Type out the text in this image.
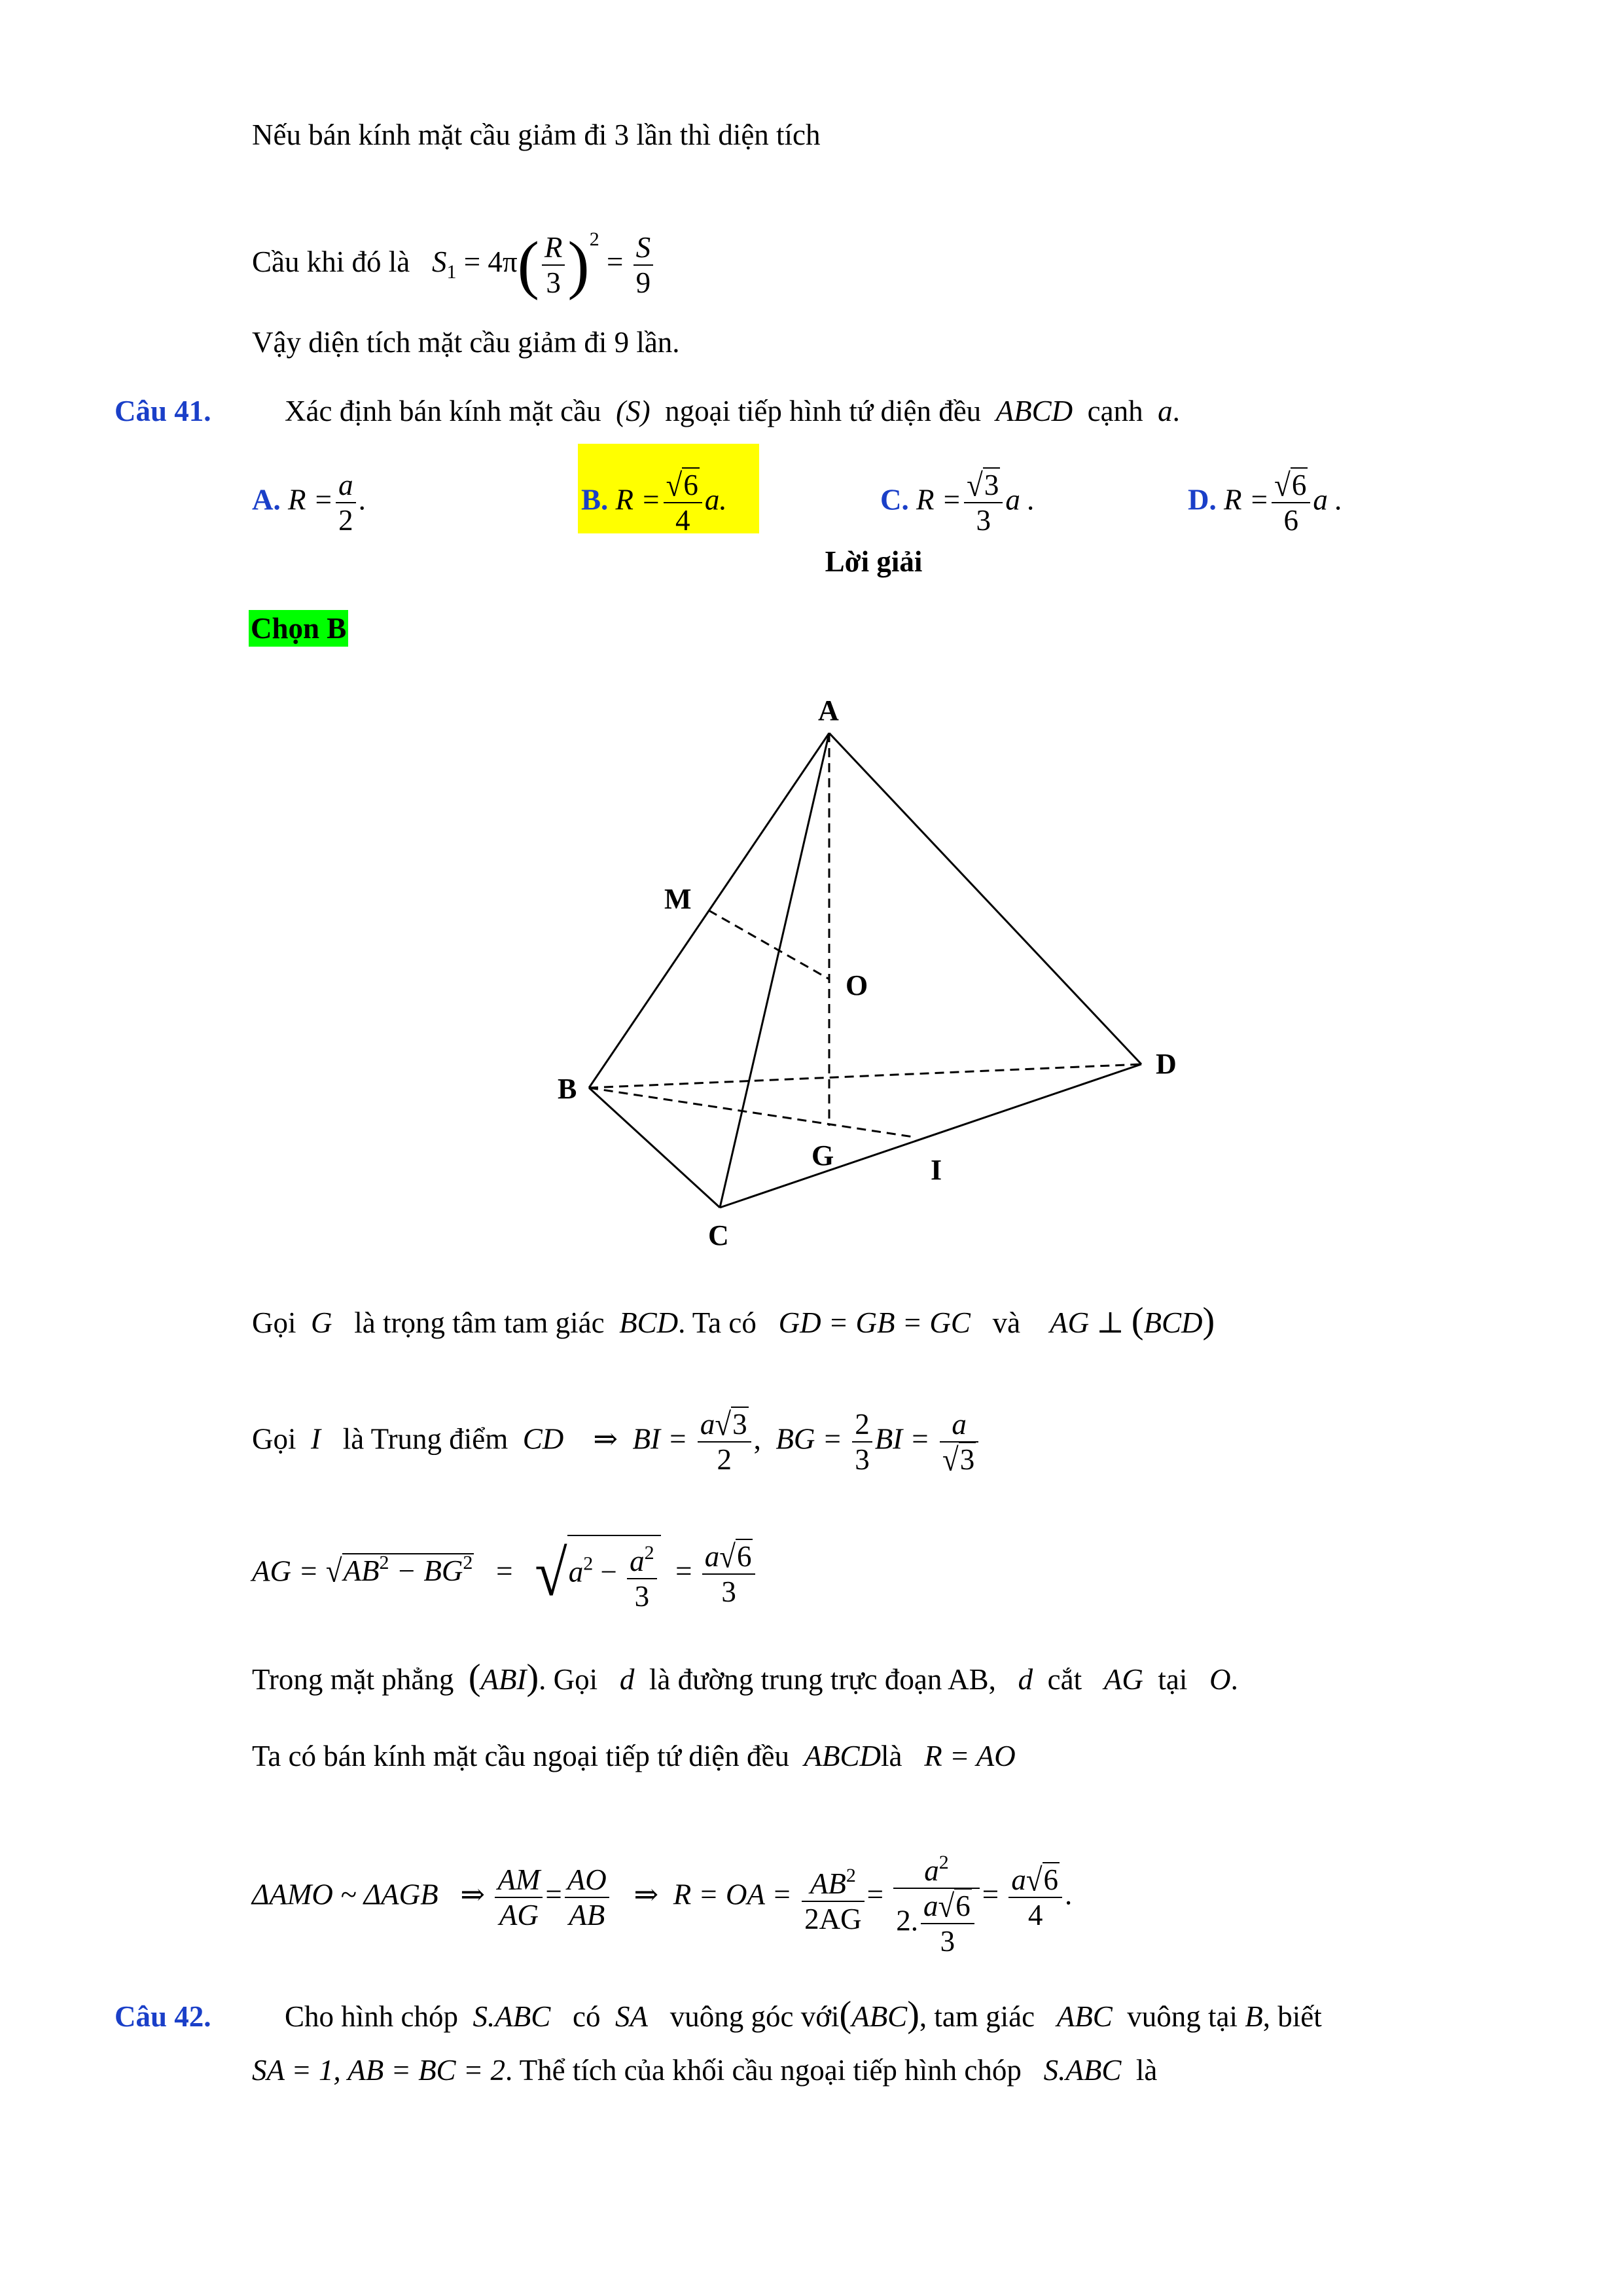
Nếu bán kính mặt cầu giảm đi 3 lần thì diện tích
Cầu khi đó là $S_1 = 4\pi( \frac{R}{3} )^2 = \frac{S}{9}$
Vậy diện tích mặt cầu giảm đi 9 lần.
Câu 41.	Xác định bán kính mặt cầu (S) ngoại tiếp hình tứ diện đều ABCD cạnh a.
A. $R = \frac{a}{2}$ .	B. $R = \frac{√6}{4} a$.	C. $R = \frac{√3}{3}$ a .	D. $R = \frac{√6}{6}$ a .
Lời giải
Chọn B
A
M
O
D
B
G	I
C
Gọi G là trọng tâm tam giác BCD. Ta có GD = GB = GC và AG ⊥ (BCD)
Gọi I là Trung điểm CD ⇒ BI = $\frac{a√3}{2}$ , BG = $\frac{2}{3}$ BI = $\frac{a}{√3}$
AG = $√AB^2 - BG^2 = √a^2 - \frac{a^2}{3} = \frac{a√6}{3}$
Trong mặt phẳng (ABI). Gọi d là đường trung trực đoạn AB, d cắt AG tại O.
Ta có bán kính mặt cầu ngoại tiếp tứ diện đều ABCDlà R = AO
ΔAMO ~ ΔAGB ⇒ $\frac{AM}{AG} = \frac{AO}{AB}$ ⇒ R = OA = $\frac{AB^2}{2AG} = \frac{a^2}{2. \frac{a√6}{3}} = \frac{a√6}{4}$ .
Câu 42.	Cho hình chóp S.ABC có SA vuông góc với(ABC), tam giác ABC vuông tại B, biết
SA = 1, AB = BC = 2. Thể tích của khối cầu ngoại tiếp hình chóp S.ABC là
